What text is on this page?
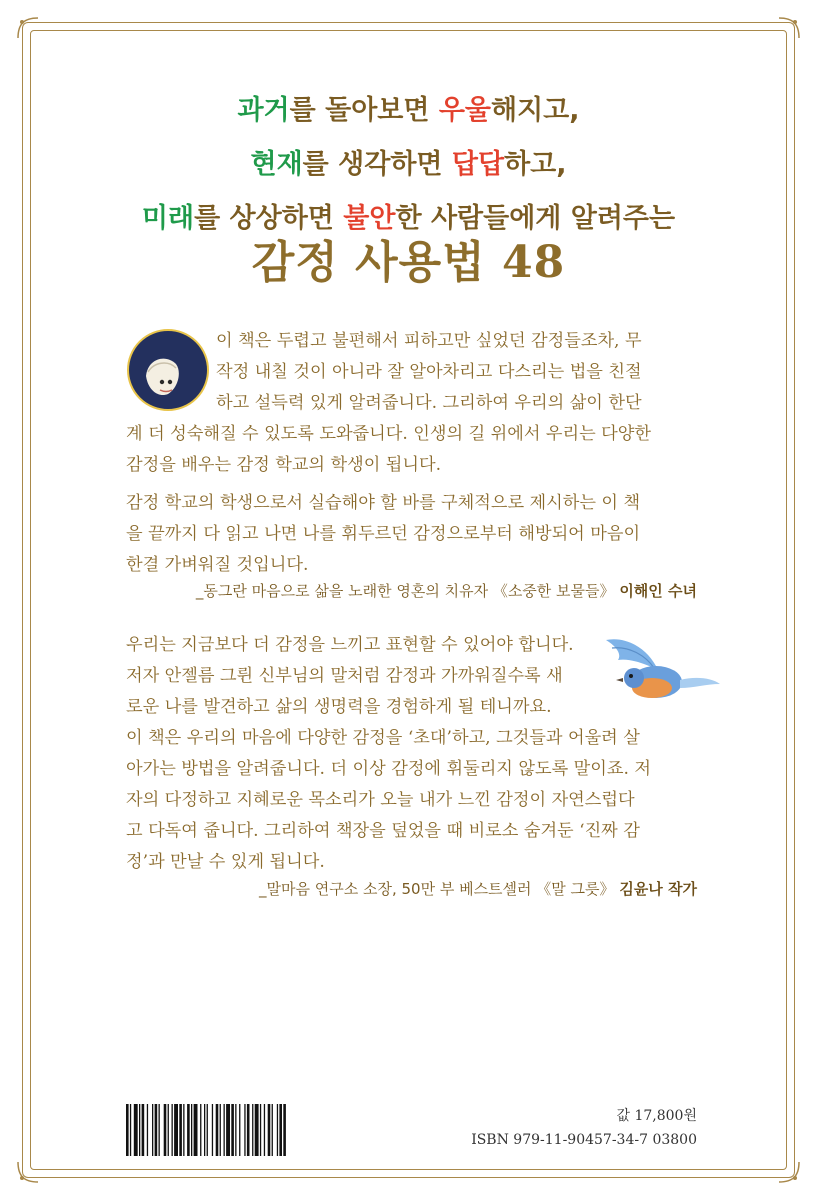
과거를 돌아보면 우울해지고,
현재를 생각하면 답답하고,
미래를 상상하면 불안한 사람들에게 알려주는
감정 사용법 48
이 책은 두렵고 불편해서 피하고만 싶었던 감정들조차, 무
작정 내칠 것이 아니라 잘 알아차리고 다스리는 법을 친절
하고 설득력 있게 알려줍니다. 그리하여 우리의 삶이 한단
계 더 성숙해질 수 있도록 도와줍니다. 인생의 길 위에서 우리는 다양한
감정을 배우는 감정 학교의 학생이 됩니다.
감정 학교의 학생으로서 실습해야 할 바를 구체적으로 제시하는 이 책
을 끝까지 다 읽고 나면 나를 휘두르던 감정으로부터 해방되어 마음이
한결 가벼워질 것입니다.
_동그란 마음으로 삶을 노래한 영혼의 치유자 《소중한 보물들》 이해인 수녀
우리는 지금보다 더 감정을 느끼고 표현할 수 있어야 합니다.
저자 안젤름 그륀 신부님의 말처럼 감정과 가까워질수록 새
로운 나를 발견하고 삶의 생명력을 경험하게 될 테니까요.
이 책은 우리의 마음에 다양한 감정을 ‘초대’하고, 그것들과 어울려 살
아가는 방법을 알려줍니다. 더 이상 감정에 휘둘리지 않도록 말이죠. 저
자의 다정하고 지혜로운 목소리가 오늘 내가 느낀 감정이 자연스럽다
고 다독여 줍니다. 그리하여 책장을 덮었을 때 비로소 숨겨둔 ‘진짜 감
정’과 만날 수 있게 됩니다.
_말마음 연구소 소장, 50만 부 베스트셀러 《말 그릇》 김윤나 작가
값 17,800원
ISBN 979-11-90457-34-7 03800
